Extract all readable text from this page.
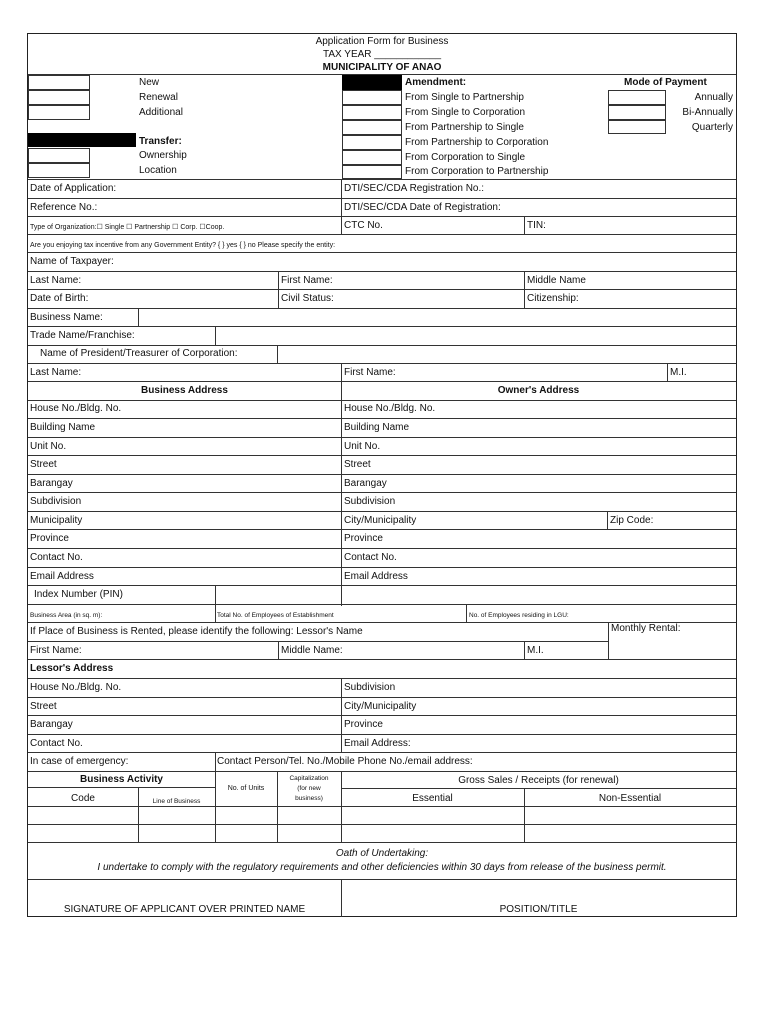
Application Form for Business
TAX YEAR ____________
MUNICIPALITY OF ANAO
New
Renewal
Additional
Transfer:
Ownership
Location
Amendment:
From Single to Partnership
From Single to Corporation
From Partnership to Single
From Partnership to Corporation
From Corporation to Single
From Corporation to Partnership
Mode of Payment
Annually
Bi-Annually
Quarterly
Date of Application:	DTI/SEC/CDA Registration No.:
Reference No.:	DTI/SEC/CDA Date of Registration:
Type of Organization:☐ Single ☐ Partnership ☐ Corp. ☐Coop.	CTC No.	TIN:
Are you enjoying tax incentive from any Government Entity? { } yes { } no Please specify the entity:
Name of Taxpayer:
Last Name:	First Name:	Middle Name
Date of Birth:	Civil Status:	Citizenship:
Business Name:
Trade Name/Franchise:
Name of President/Treasurer of Corporation:
Last Name:	First Name:	M.I.
Business Address	Owner's Address
House No./Bldg. No.	House No./Bldg. No.
Building Name	Building Name
Unit No.	Unit No.
Street	Street
Barangay	Barangay
Subdivision	Subdivision
Municipality	City/Municipality	Zip Code:
Province	Province
Contact No.	Contact No.
Email Address	Email Address
Index Number (PIN)
Business Area (in sq. m):	Total No. of Employees of Establishment	No. of Employees residing in LGU:
If Place of Business is Rented, please identify the following: Lessor's Name	Monthly Rental:
First Name:	Middle Name:	M.I.
Lessor's Address
House No./Bldg. No.	Subdivision
Street	City/Municipality
Barangay	Province
Contact No.	Email Address:
In case of emergency:	Contact Person/Tel. No./Mobile Phone No./email address:
Business Activity
Code	Line of Business
No. of Units
Capitalization
(for new
business)
Gross Sales / Receipts (for renewal)
Essential	Non-Essential
Oath of Undertaking:
I undertake to comply with the regulatory requirements and other deficiencies within 30 days from release of the business permit.
SIGNATURE OF APPLICANT OVER PRINTED NAME	POSITION/TITLE
